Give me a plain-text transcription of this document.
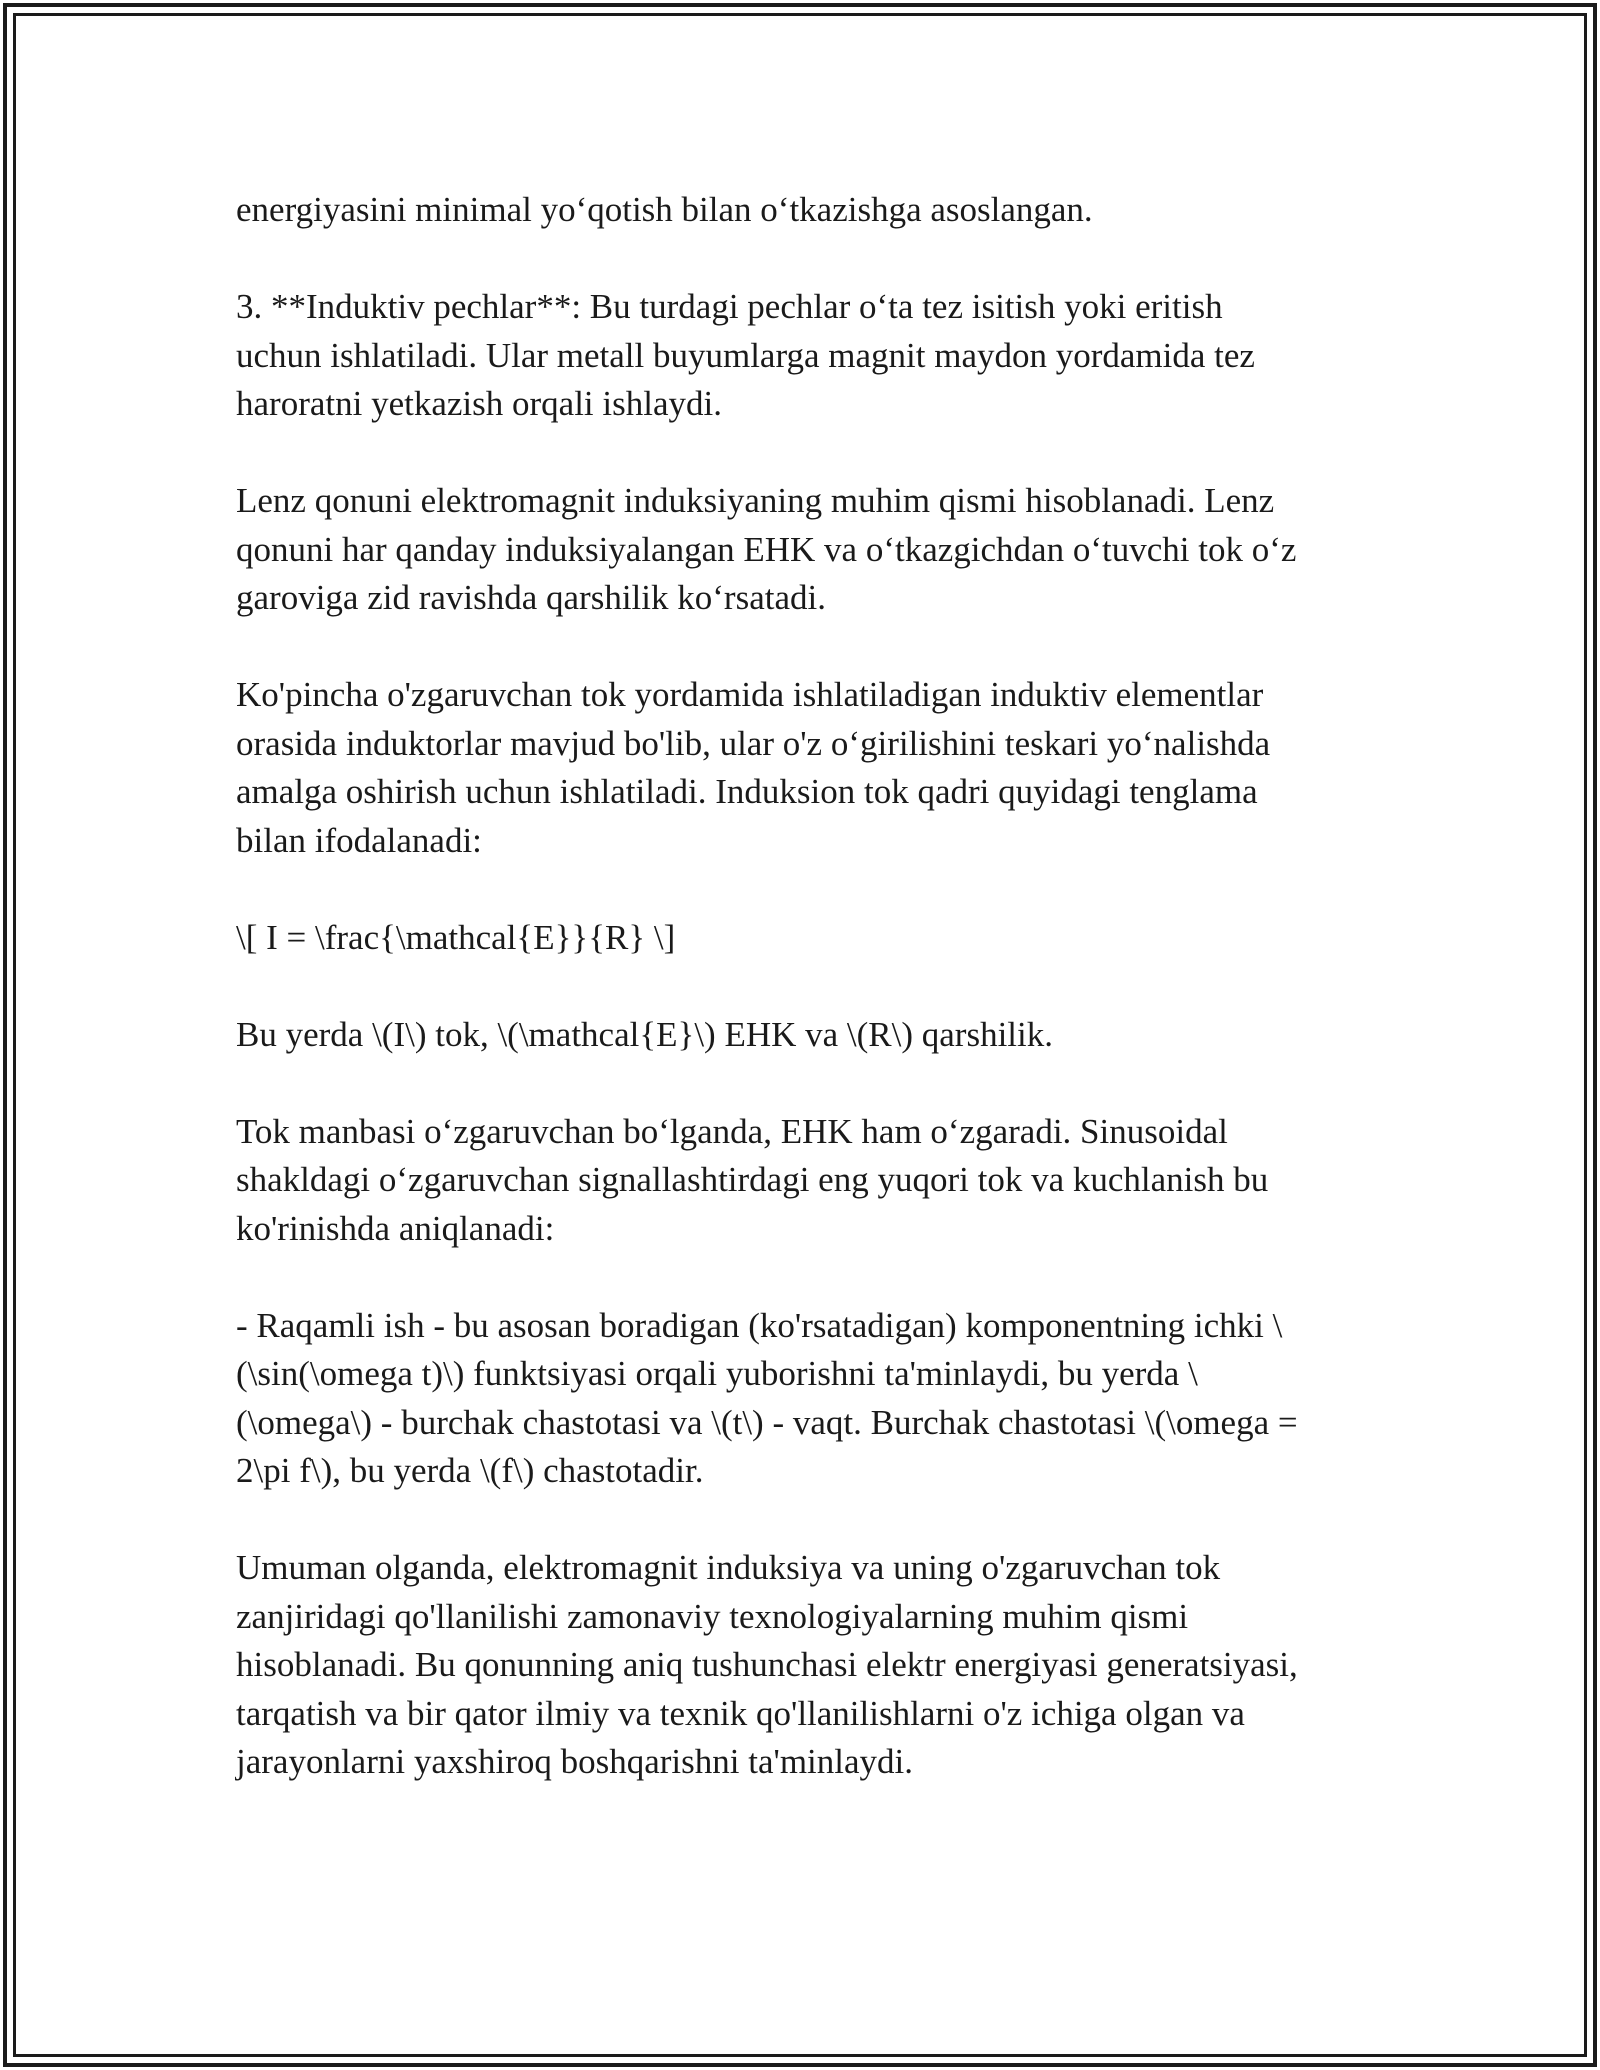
energiyasini minimal yo‘qotish bilan o‘tkazishga asoslangan.

3. **Induktiv pechlar**: Bu turdagi pechlar o‘ta tez isitish yoki eritish
uchun ishlatiladi. Ular metall buyumlarga magnit maydon yordamida tez
haroratni yetkazish orqali ishlaydi.

Lenz qonuni elektromagnit induksiyaning muhim qismi hisoblanadi. Lenz
qonuni har qanday induksiyalangan EHK va o‘tkazgichdan o‘tuvchi tok o‘z
garoviga zid ravishda qarshilik ko‘rsatadi.

Ko'pincha o'zgaruvchan tok yordamida ishlatiladigan induktiv elementlar
orasida induktorlar mavjud bo'lib, ular o'z o‘girilishini teskari yo‘nalishda
amalga oshirish uchun ishlatiladi. Induksion tok qadri quyidagi tenglama
bilan ifodalanadi:

\[ I = \frac{\mathcal{E}}{R} \]

Bu yerda \(I\) tok, \(\mathcal{E}\) EHK va \(R\) qarshilik.

Tok manbasi o‘zgaruvchan bo‘lganda, EHK ham o‘zgaradi. Sinusoidal
shakldagi o‘zgaruvchan signallashtirdagi eng yuqori tok va kuchlanish bu
ko'rinishda aniqlanadi:

- Raqamli ish - bu asosan boradigan (ko'rsatadigan) komponentning ichki \
(\sin(\omega t)\) funktsiyasi orqali yuborishni ta'minlaydi, bu yerda \
(\omega\) - burchak chastotasi va \(t\) - vaqt. Burchak chastotasi \(\omega =
2\pi f\), bu yerda \(f\) chastotadir.

Umuman olganda, elektromagnit induksiya va uning o'zgaruvchan tok
zanjiridagi qo'llanilishi zamonaviy texnologiyalarning muhim qismi
hisoblanadi. Bu qonunning aniq tushunchasi elektr energiyasi generatsiyasi,
tarqatish va bir qator ilmiy va texnik qo'llanilishlarni o'z ichiga olgan va
jarayonlarni yaxshiroq boshqarishni ta'minlaydi.
